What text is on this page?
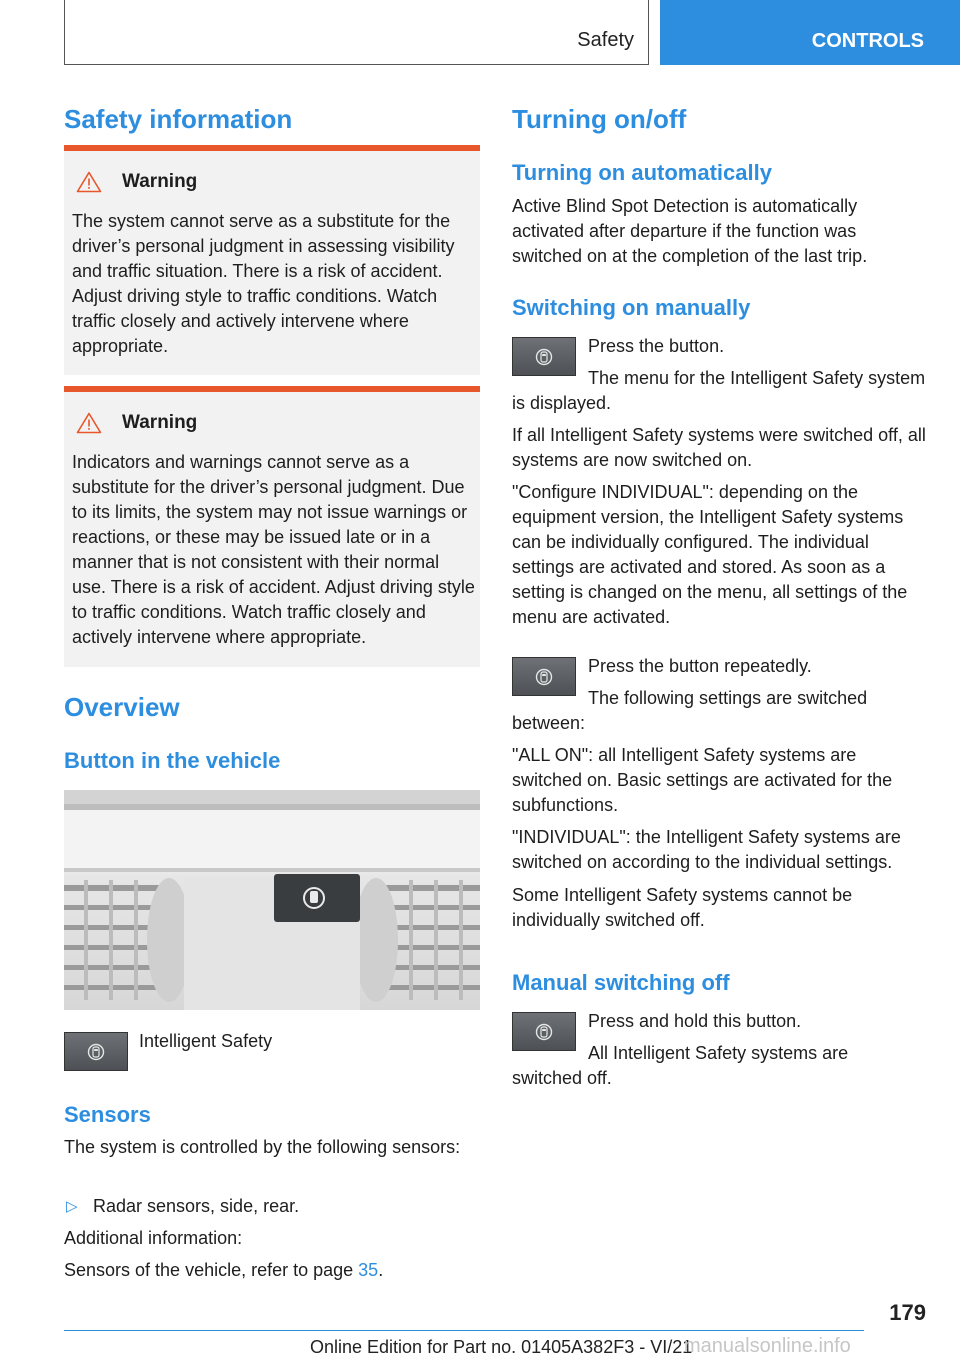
Safety	CONTROLS
Safety information
Warning
The system cannot serve as a substitute for the driver’s personal judgment in assessing visibility and traffic situation. There is a risk of accident. Adjust driving style to traffic conditions. Watch traffic closely and actively intervene where appropriate.
Warning
Indicators and warnings cannot serve as a substitute for the driver’s personal judgment. Due to its limits, the system may not issue warnings or reactions, or these may be issued late or in a manner that is not consistent with their normal use. There is a risk of accident. Adjust driving style to traffic conditions. Watch traffic closely and actively intervene where appropriate.
Overview
Button in the vehicle
Intelligent Safety
Sensors
The system is controlled by the following sensors:
▷ Radar sensors, side, rear.
Additional information:
Sensors of the vehicle, refer to page 35.
Turning on/off
Turning on automatically
Active Blind Spot Detection is automatically activated after departure if the function was switched on at the completion of the last trip.
Switching on manually
Press the button.
The menu for the Intelligent Safety system is displayed.
If all Intelligent Safety systems were switched off, all systems are now switched on.
"Configure INDIVIDUAL": depending on the equipment version, the Intelligent Safety systems can be individually configured. The individual settings are activated and stored. As soon as a setting is changed on the menu, all settings of the menu are activated.
Press the button repeatedly.
The following settings are switched between:
"ALL ON": all Intelligent Safety systems are switched on. Basic settings are activated for the subfunctions.
"INDIVIDUAL": the Intelligent Safety systems are switched on according to the individual settings.
Some Intelligent Safety systems cannot be individually switched off.
Manual switching off
Press and hold this button.
All Intelligent Safety systems are switched off.
179
Online Edition for Part no. 01405A382F3 - VI/21
manualsonline.info
